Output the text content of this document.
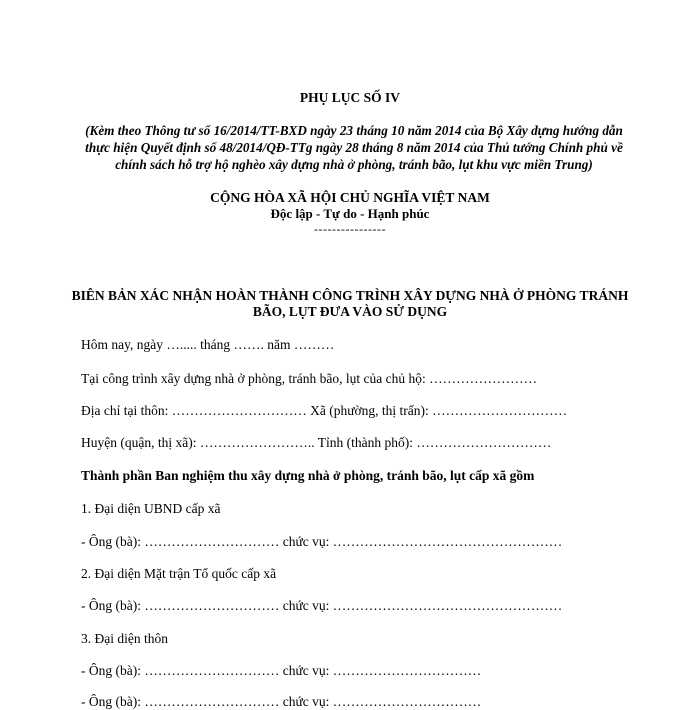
PHỤ LỤC SỐ IV
(Kèm theo Thông tư số 16/2014/TT-BXD ngày 23 tháng 10 năm 2014 của Bộ Xây dựng hướng dẫn thực hiện Quyết định số 48/2014/QĐ-TTg ngày 28 tháng 8 năm 2014 của Thủ tướng Chính phủ về chính sách hỗ trợ hộ nghèo xây dựng nhà ở phòng, tránh bão, lụt khu vực miền Trung)
CỘNG HÒA XÃ HỘI CHỦ NGHĨA VIỆT NAM
Độc lập - Tự do - Hạnh phúc
----------------
BIÊN BẢN XÁC NHẬN HOÀN THÀNH CÔNG TRÌNH XÂY DỰNG NHÀ Ở PHÒNG TRÁNH BÃO, LỤT ĐƯA VÀO SỬ DỤNG
Hôm nay, ngày …..... tháng ……. năm ………
Tại công trình xây dựng nhà ở phòng, tránh bão, lụt của chủ hộ: ……………………
Địa chỉ tại thôn: ………………………… Xã (phường, thị trấn): …………………………
Huyện (quận, thị xã): …………………….. Tỉnh (thành phố): …………………………
Thành phần Ban nghiệm thu xây dựng nhà ở phòng, tránh bão, lụt cấp xã gồm
1. Đại diện UBND cấp xã
- Ông (bà): ………………………… chức vụ: ……………………………………………
2. Đại diện Mặt trận Tổ quốc cấp xã
- Ông (bà): ………………………… chức vụ: ……………………………………………
3. Đại diện thôn
- Ông (bà): ………………………… chức vụ: ……………………………
- Ông (bà): ………………………… chức vụ: ……………………………
